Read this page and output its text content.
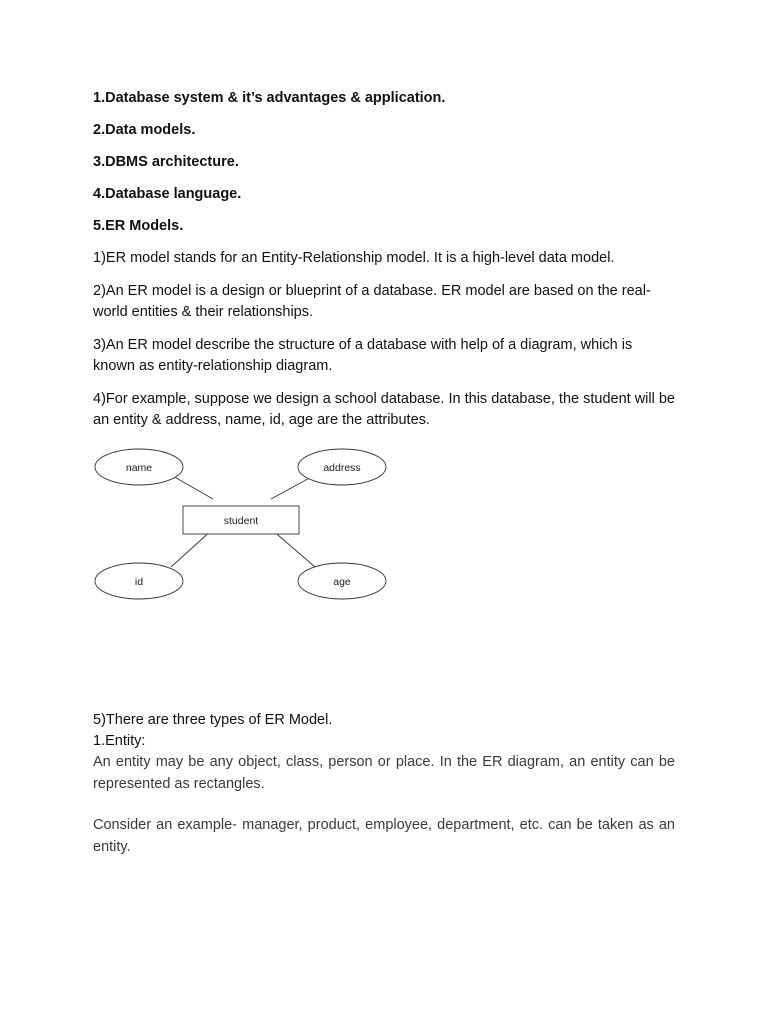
1.Database system & it’s advantages & application.

2.Data models.

3.DBMS architecture.

4.Database language.

5.ER Models.

1)ER model stands for an Entity-Relationship model. It is a high-level data model.

2)An ER model is a design or blueprint of a database. ER model are based on the real-world entities & their relationships.

3)An ER model describe the structure of a database with help of a diagram, which is known as entity-relationship diagram.

4)For example, suppose we design a school database. In this database, the student will be an entity & address, name, id, age are the attributes.

name	address
id	age
student

5)There are three types of ER Model.

1.Entity:

An entity may be any object, class, person or place. In the ER diagram, an entity can be represented as rectangles.

Consider an example- manager, product, employee, department, etc. can be taken as an entity.
